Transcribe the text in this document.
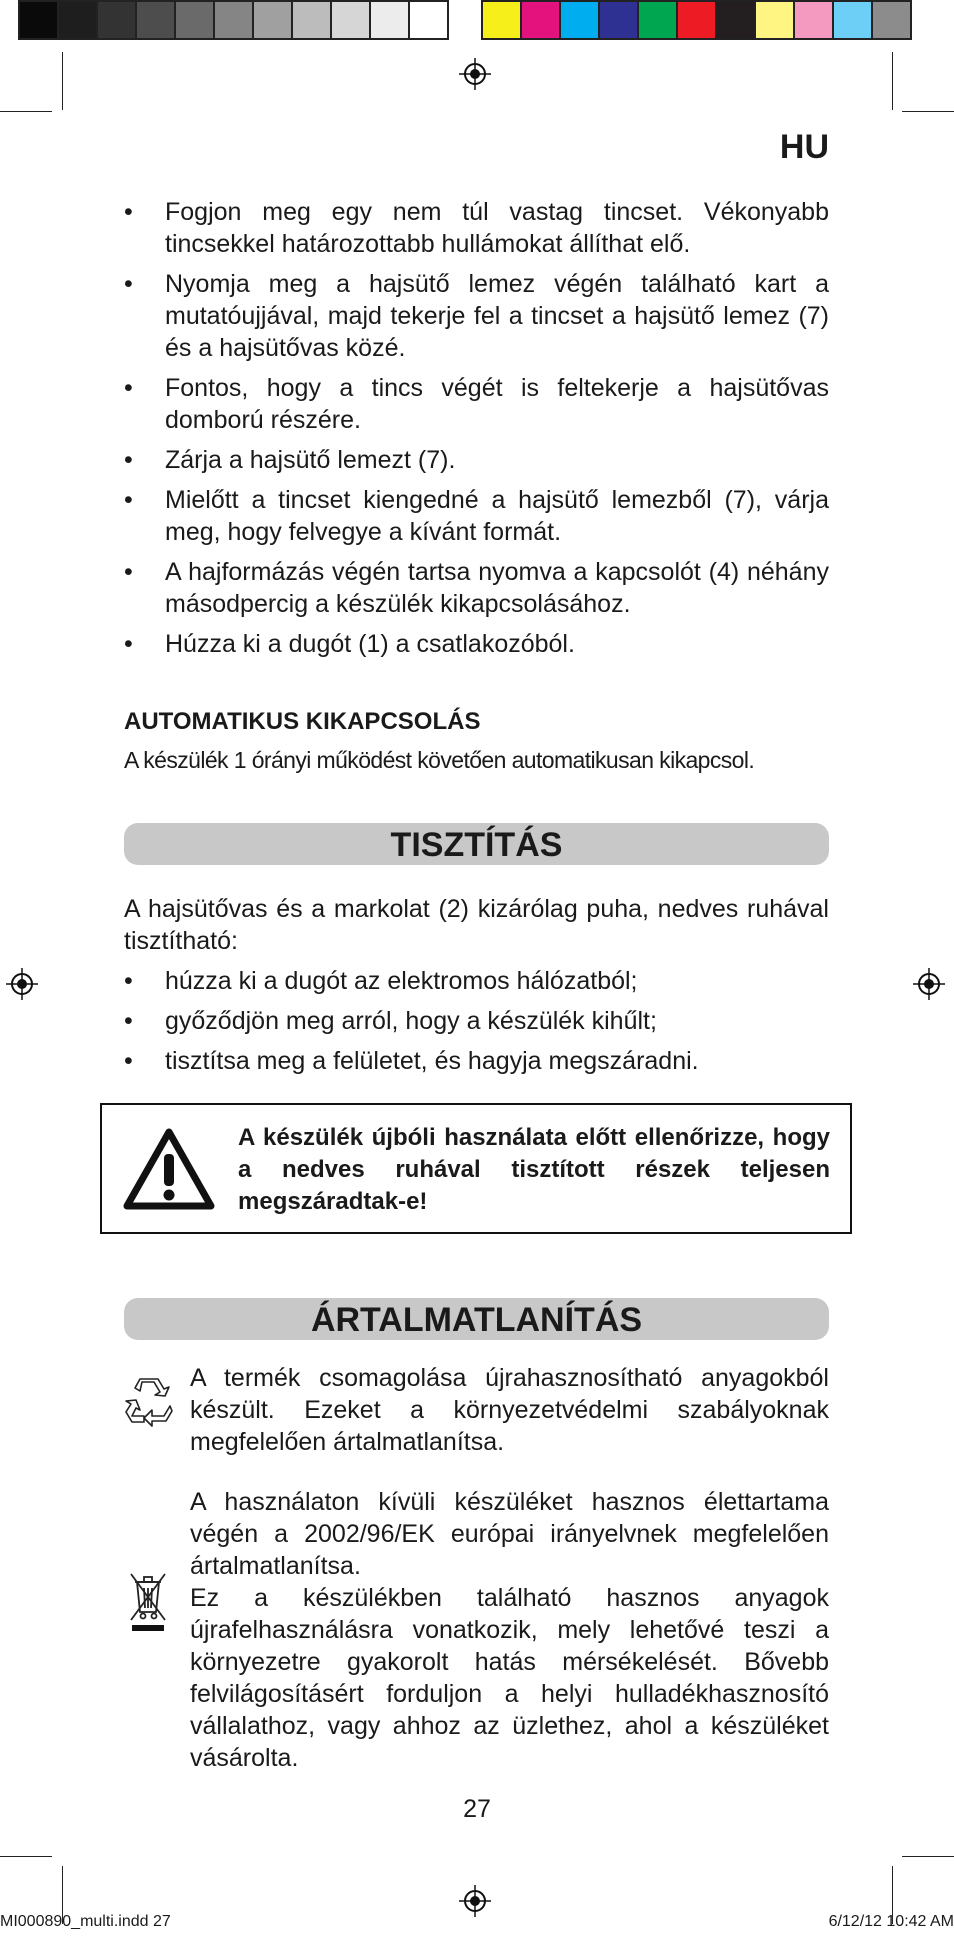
HU
• Fogjon meg egy nem túl vastag tincset. Vékonyabb tincsekkel határozottabb hullámokat állíthat elő.
• Nyomja meg a hajsütő lemez végén található kart a mutatóujjával, majd tekerje fel a tincset a hajsütő lemez (7) és a hajsütővas közé.
• Fontos, hogy a tincs végét is feltekerje a hajsütővas domború részére.
• Zárja a hajsütő lemezt (7).
• Mielőtt a tincset kiengedné a hajsütő lemezből (7), várja meg, hogy felvegye a kívánt formát.
• A hajformázás végén tartsa nyomva a kapcsolót (4) néhány másodpercig a készülék kikapcsolásához.
• Húzza ki a dugót (1) a csatlakozóból.

AUTOMATIKUS KIKAPCSOLÁS

A készülék 1 órányi működést követően automatikusan kikapcsol.

TISZTÍTÁS

A hajsütővas és a markolat (2) kizárólag puha, nedves ruhával tisztítható:

• húzza ki a dugót az elektromos hálózatból;
• győződjön meg arról, hogy a készülék kihűlt;
• tisztítsa meg a felületet, és hagyja megszáradni.
A készülék újbóli használata előtt ellenőrizze, hogy a nedves ruhával tisztított részek teljesen megszáradtak-e!
ÁRTALMATLANÍTÁS

A termék csomagolása újrahasznosítható anyagokból készült. Ezeket a környezetvédelmi szabályoknak megfelelően ártalmatlanítsa.

A használaton kívüli készüléket hasznos élettartama végén a 2002/96/EK európai irányelvnek megfelelően ártalmatlanítsa.

Ez a készülékben található hasznos anyagok újrafelhasználásra vonatkozik, mely lehetővé teszi a környezetre gyakorolt hatás mérsékelését. Bővebb felvilágosításért forduljon a helyi hulladékhasznosító vállalathoz, vagy ahhoz az üzlethez, ahol a készüléket vásárolta.

27
MI000890_multi.indd 27	6/12/12 10:42 AM
